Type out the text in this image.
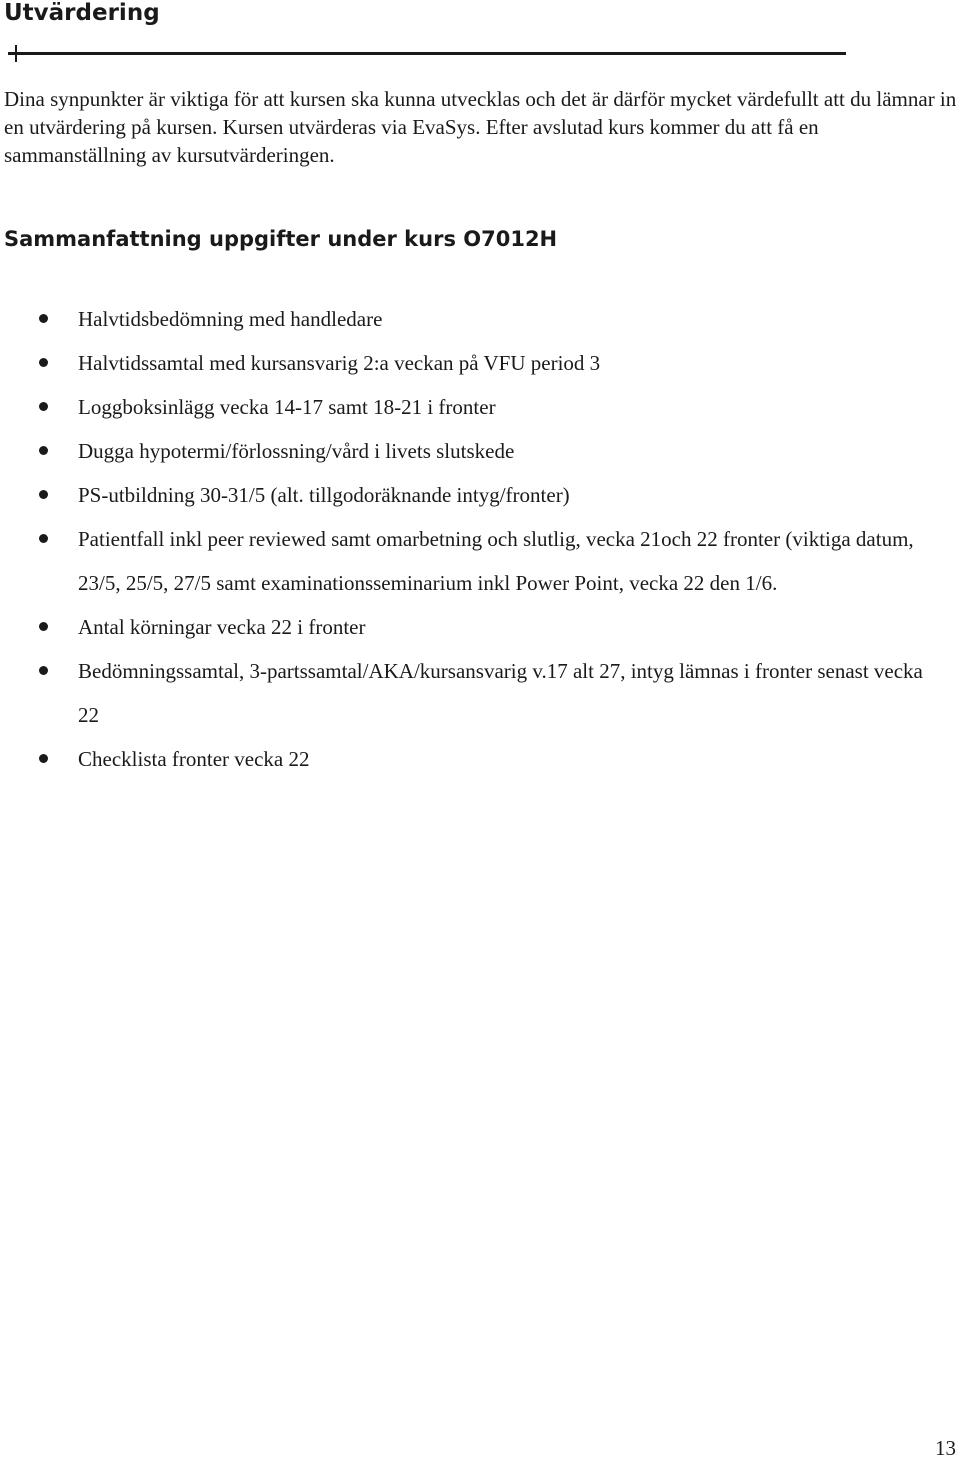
Utvärdering

Dina synpunkter är viktiga för att kursen ska kunna utvecklas och det är därför mycket värdefullt att du lämnar in en utvärdering på kursen. Kursen utvärderas via EvaSys. Efter avslutad kurs kommer du att få en sammanställning av kursutvärderingen.

Sammanfattning uppgifter under kurs O7012H
Halvtidsbedömning med handledare
Halvtidssamtal med kursansvarig 2:a veckan på VFU period 3
Loggboksinlägg vecka 14-17 samt 18-21 i fronter
Dugga hypotermi/förlossning/vård i livets slutskede
PS-utbildning 30-31/5 (alt. tillgodoräknande intyg/fronter)
Patientfall inkl peer reviewed samt omarbetning och slutlig, vecka 21och 22 fronter (viktiga datum, 23/5, 25/5, 27/5 samt examinationsseminarium inkl Power Point, vecka 22 den 1/6.
Antal körningar vecka 22 i fronter
Bedömningssamtal, 3-partssamtal/AKA/kursansvarig v.17 alt 27, intyg lämnas i fronter senast vecka 22
Checklista fronter vecka 22
13
